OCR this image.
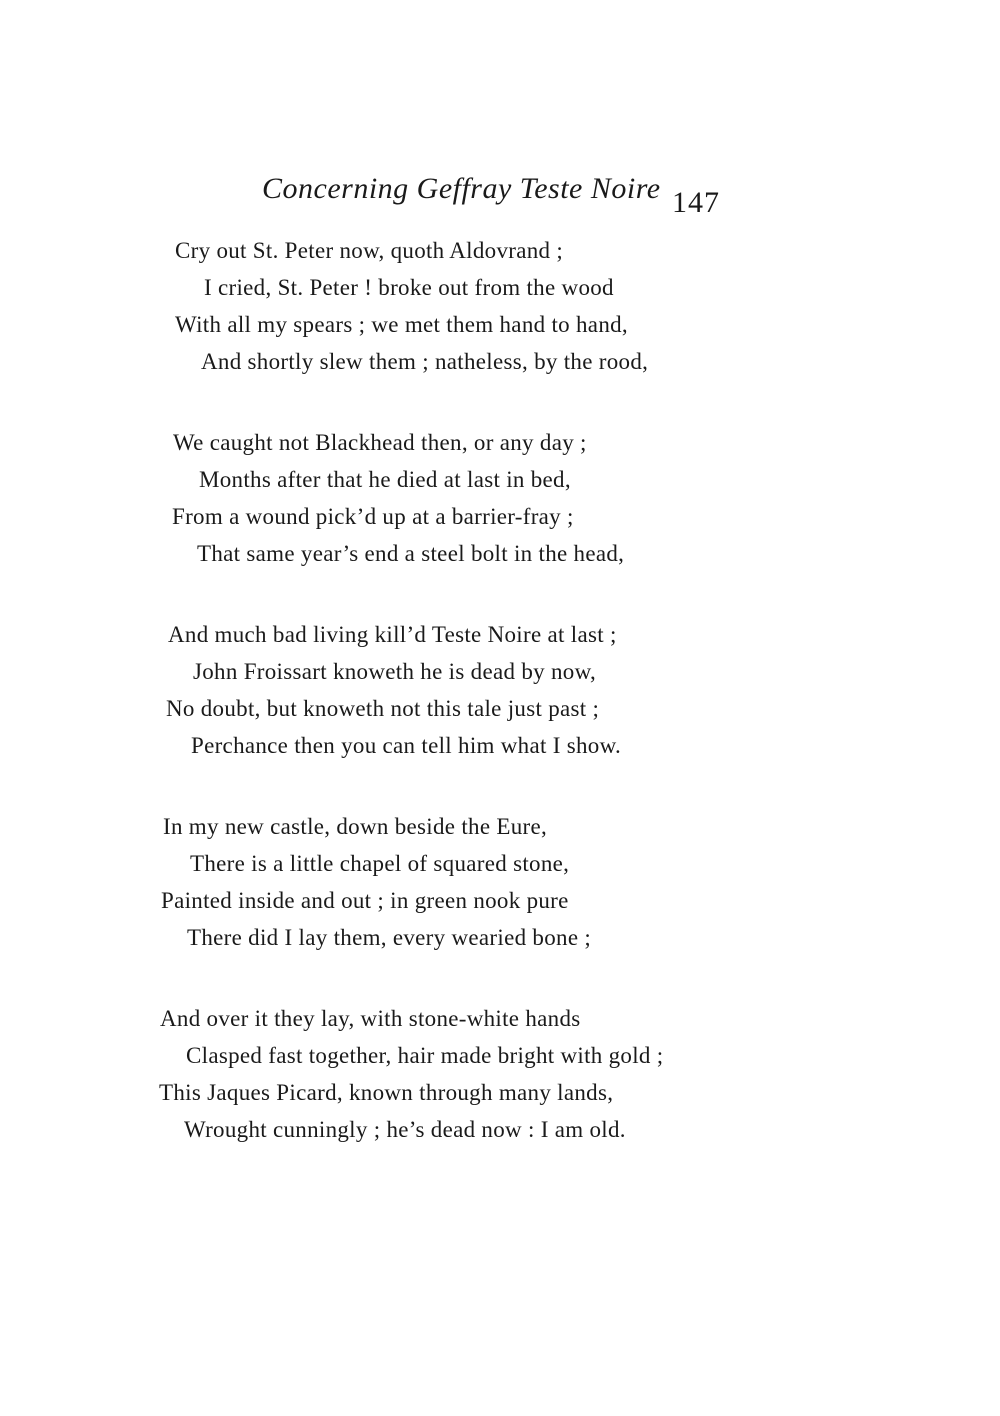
Concerning Geffray Teste Noire 147
Cry out St. Peter now, quoth Aldovrand ;
I cried, St. Peter ! broke out from the wood
With all my spears ; we met them hand to hand,
And shortly slew them ; natheless, by the rood,
We caught not Blackhead then, or any day ;
Months after that he died at last in bed,
From a wound pick’d up at a barrier-fray ;
That same year’s end a steel bolt in the head,
And much bad living kill’d Teste Noire at last ;
John Froissart knoweth he is dead by now,
No doubt, but knoweth not this tale just past ;
Perchance then you can tell him what I show.
In my new castle, down beside the Eure,
There is a little chapel of squared stone,
Painted inside and out ; in green nook pure
There did I lay them, every wearied bone ;
And over it they lay, with stone-white hands
Clasped fast together, hair made bright with gold ;
This Jaques Picard, known through many lands,
Wrought cunningly ; he’s dead now : I am old.
